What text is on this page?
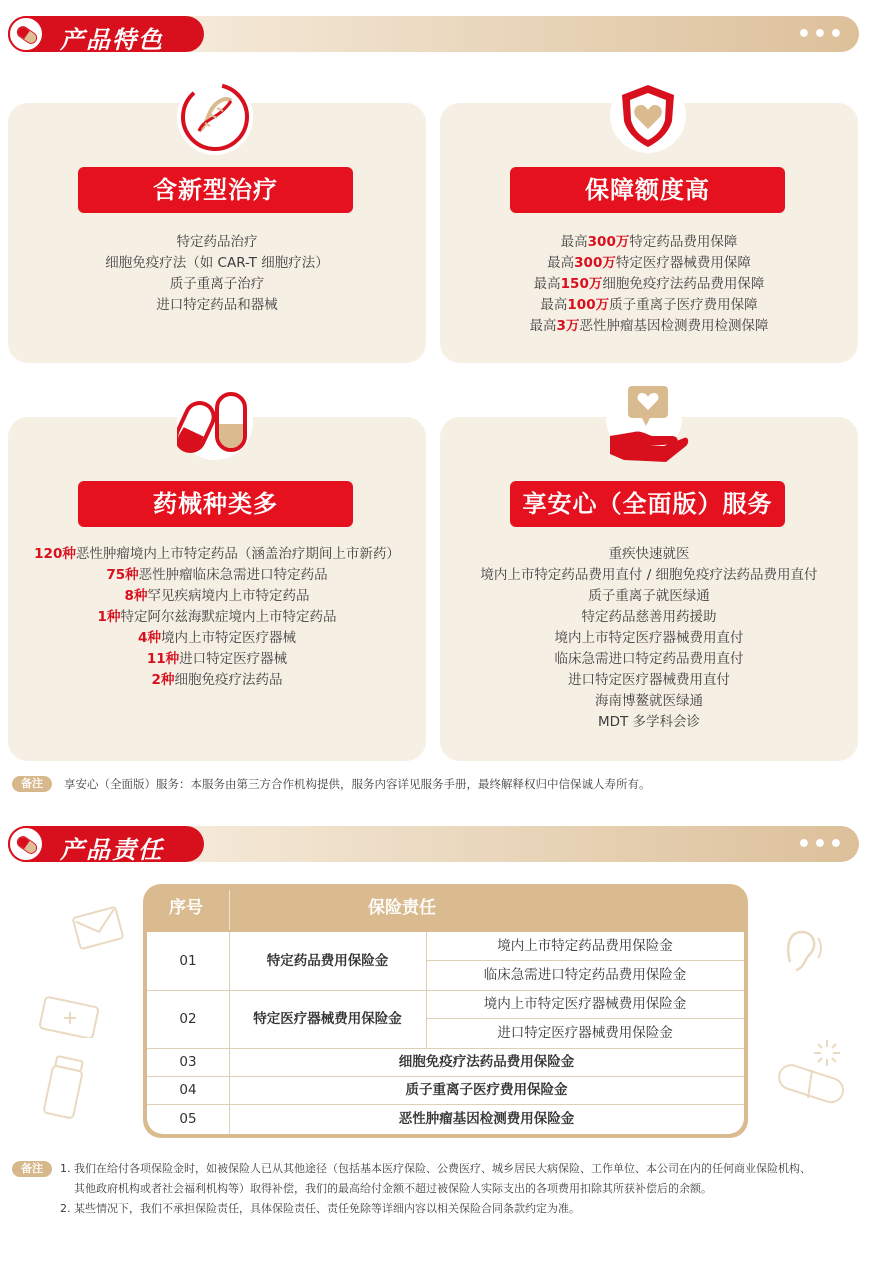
产品特色	•••
含新型治疗
特定药品治疗
细胞免疫疗法（如 CAR-T 细胞疗法）
质子重离子治疗
进口特定药品和器械
保障额度高
最高300万特定药品费用保障
最高300万特定医疗器械费用保障
最高150万细胞免疫疗法药品费用保障
最高100万质子重离子医疗费用保障
最高3万恶性肿瘤基因检测费用检测保障
药械种类多
120种恶性肿瘤境内上市特定药品（涵盖治疗期间上市新药）
75种恶性肿瘤临床急需进口特定药品
8种罕见疾病境内上市特定药品
1种特定阿尔兹海默症境内上市特定药品
4种境内上市特定医疗器械
11种进口特定医疗器械
2种细胞免疫疗法药品
享安心（全面版）服务
重疾快速就医
境内上市特定药品费用直付 / 细胞免疫疗法药品费用直付
质子重离子就医绿通
特定药品慈善用药援助
境内上市特定医疗器械费用直付
临床急需进口特定药品费用直付
进口特定医疗器械费用直付
海南博鳌就医绿通
MDT 多学科会诊
备注	享安心（全面版）服务：本服务由第三方合作机构提供，服务内容详见服务手册，最终解释权归中信保诚人寿所有。
产品责任	•••
序号	保险责任
01	特定药品费用保险金
境内上市特定药品费用保险金
临床急需进口特定药品费用保险金
02	特定医疗器械费用保险金
境内上市特定医疗器械费用保险金
进口特定医疗器械费用保险金
03	细胞免疫疗法药品费用保险金
04	质子重离子医疗费用保险金
05	恶性肿瘤基因检测费用保险金
备注	1. 我们在给付各项保险金时，如被保险人已从其他途径（包括基本医疗保险、公费医疗、城乡居民大病保险、工作单位、本公司在内的任何商业保险机构、
其他政府机构或者社会福利机构等）取得补偿，我们的最高给付金额不超过被保险人实际支出的各项费用扣除其所获补偿后的余额。
2. 某些情况下，我们不承担保险责任，具体保险责任、责任免除等详细内容以相关保险合同条款约定为准。
